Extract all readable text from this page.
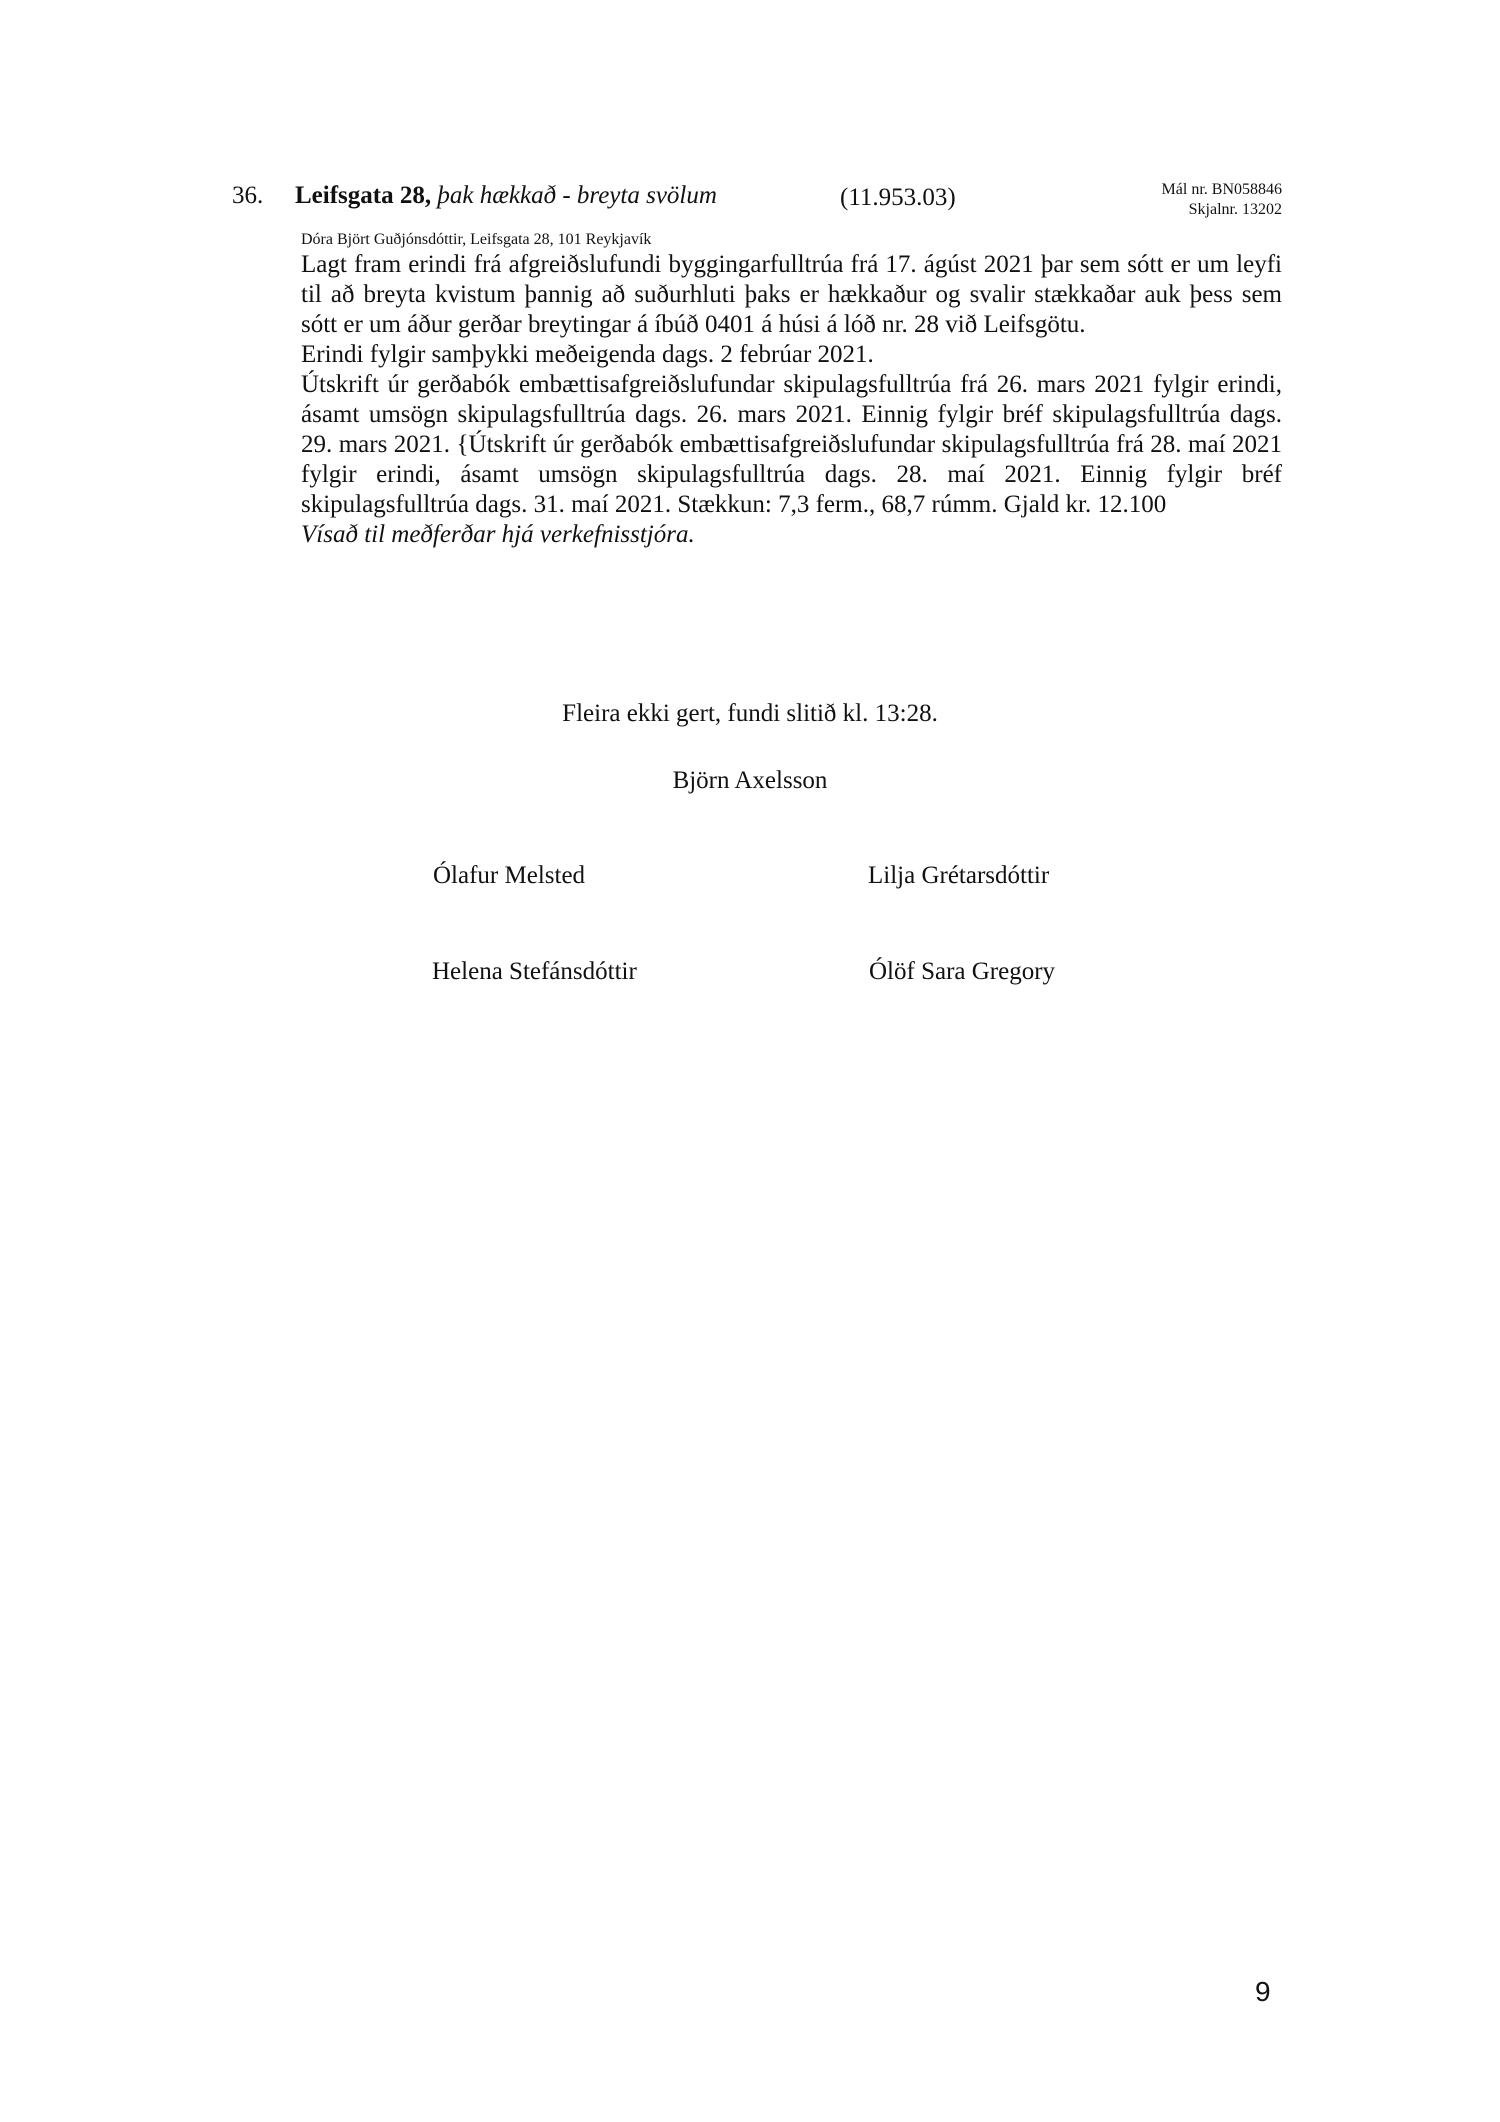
36. Leifsgata 28, þak hækkað - breyta svölum	(11.953.03)	Mál nr. BN058846
Skjalnr. 13202
Dóra Björt Guðjónsdóttir, Leifsgata 28, 101 Reykjavík

Lagt fram erindi frá afgreiðslufundi byggingarfulltrúa frá 17. ágúst 2021 þar sem sótt er um leyfi til að breyta kvistum þannig að suðurhluti þaks er hækkaður og svalir stækkaðar auk þess sem sótt er um áður gerðar breytingar á íbúð 0401 á húsi á lóð nr. 28 við Leifsgötu.

Erindi fylgir samþykki meðeigenda dags. 2 febrúar 2021.

Útskrift úr gerðabók embættisafgreiðslufundar skipulagsfulltrúa frá 26. mars 2021 fylgir erindi, ásamt umsögn skipulagsfulltrúa dags. 26. mars 2021. Einnig fylgir bréf skipulagsfulltrúa dags. 29. mars 2021. {Útskrift úr gerðabók embættisafgreiðslufundar skipulagsfulltrúa frá 28. maí 2021 fylgir erindi, ásamt umsögn skipulagsfulltrúa dags. 28. maí 2021. Einnig fylgir bréf skipulagsfulltrúa dags. 31. maí 2021. Stækkun: 7,3 ferm., 68,7 rúmm. Gjald kr. 12.100

Vísað til meðferðar hjá verkefnisstjóra.

Fleira ekki gert, fundi slitið kl. 13:28.
Björn Axelsson
Ólafur Melsted	Lilja Grétarsdóttir
Helena Stefánsdóttir	Ólöf Sara Gregory
9
